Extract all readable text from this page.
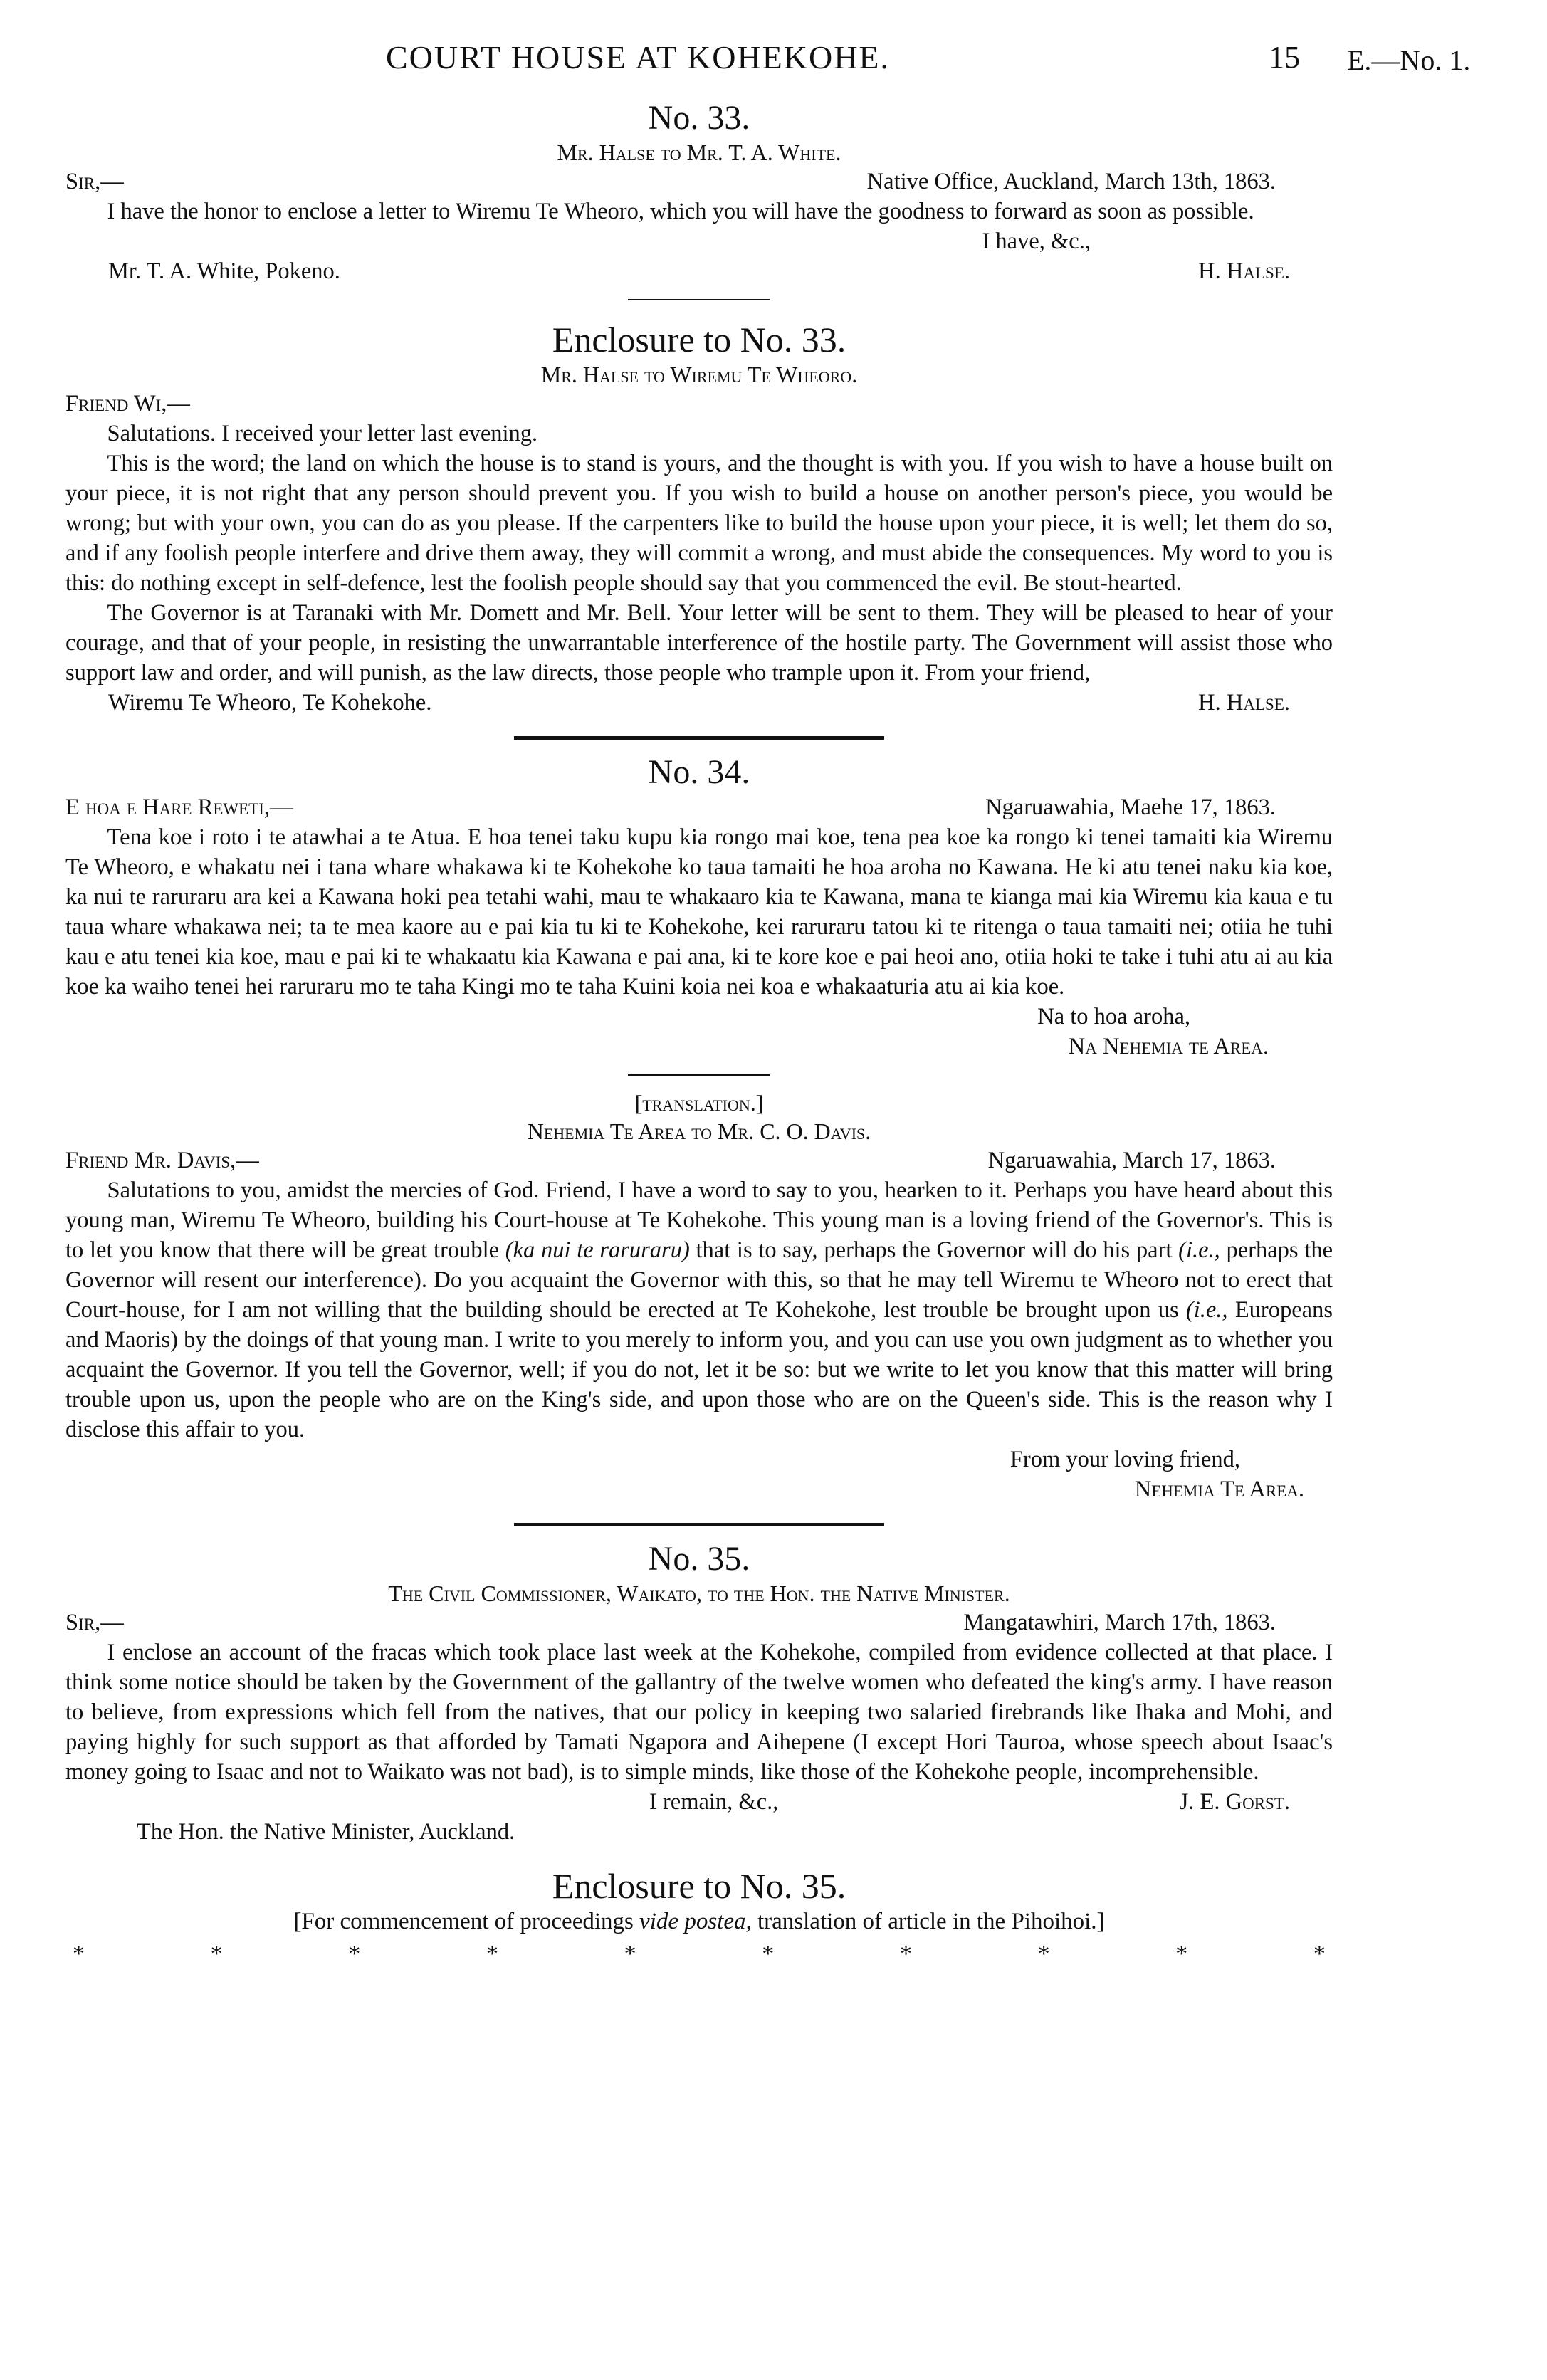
COURT HOUSE AT KOHEKOHE.	15 E.—No. 1.
No. 33.
Mr. Halse to Mr. T. A. White.
Sir,—	Native Office, Auckland, March 13th, 1863.

I have the honor to enclose a letter to Wiremu Te Wheoro, which you will have the goodness to forward as soon as possible.

I have, &c.,
Mr. T. A. White, Pokeno.	H. Halse.
Enclosure to No. 33.
Mr. Halse to Wiremu Te Wheoro.

Friend Wi,—

Salutations. I received your letter last evening.

This is the word; the land on which the house is to stand is yours, and the thought is with you. If you wish to have a house built on your piece, it is not right that any person should prevent you. If you wish to build a house on another person's piece, you would be wrong; but with your own, you can do as you please. If the carpenters like to build the house upon your piece, it is well; let them do so, and if any foolish people interfere and drive them away, they will commit a wrong, and must abide the consequences. My word to you is this: do nothing except in self-defence, lest the foolish people should say that you commenced the evil. Be stout-hearted.

The Governor is at Taranaki with Mr. Domett and Mr. Bell. Your letter will be sent to them. They will be pleased to hear of your courage, and that of your people, in resisting the unwarrantable interference of the hostile party. The Government will assist those who support law and order, and will punish, as the law directs, those people who trample upon it. From your friend,

Wiremu Te Wheoro, Te Kohekohe.	H. Halse.
No. 34.
E hoa e Hare Reweti,—	Ngaruawahia, Maehe 17, 1863.

Tena koe i roto i te atawhai a te Atua. E hoa tenei taku kupu kia rongo mai koe, tena pea koe ka rongo ki tenei tamaiti kia Wiremu Te Wheoro, e whakatu nei i tana whare whakawa ki te Kohekohe ko taua tamaiti he hoa aroha no Kawana. He ki atu tenei naku kia koe, ka nui te raruraru ara kei a Kawana hoki pea tetahi wahi, mau te whakaaro kia te Kawana, mana te kianga mai kia Wiremu kia kaua e tu taua whare whakawa nei; ta te mea kaore au e pai kia tu ki te Kohekohe, kei raruraru tatou ki te ritenga o taua tamaiti nei; otiia he tuhi kau e atu tenei kia koe, mau e pai ki te whakaatu kia Kawana e pai ana, ki te kore koe e pai heoi ano, otiia hoki te take i tuhi atu ai au kia koe ka waiho tenei hei raruraru mo te taha Kingi mo te taha Kuini koia nei koa e whakaaturia atu ai kia koe.

Na to hoa aroha,
Na Nehemia te Area.
[translation.]
Nehemia Te Area to Mr. C. O. Davis.
Friend Mr. Davis,—	Ngaruawahia, March 17, 1863.

Salutations to you, amidst the mercies of God. Friend, I have a word to say to you, hearken to it. Perhaps you have heard about this young man, Wiremu Te Wheoro, building his Court-house at Te Kohekohe. This young man is a loving friend of the Governor's. This is to let you know that there will be great trouble (ka nui te raruraru) that is to say, perhaps the Governor will do his part (i.e., perhaps the Governor will resent our interference). Do you acquaint the Governor with this, so that he may tell Wiremu te Wheoro not to erect that Court-house, for I am not willing that the building should be erected at Te Kohekohe, lest trouble be brought upon us (i.e., Europeans and Maoris) by the doings of that young man. I write to you merely to inform you, and you can use you own judgment as to whether you acquaint the Governor. If you tell the Governor, well; if you do not, let it be so: but we write to let you know that this matter will bring trouble upon us, upon the people who are on the King's side, and upon those who are on the Queen's side. This is the reason why I disclose this affair to you.

From your loving friend,
Nehemia Te Area.
No. 35.
The Civil Commissioner, Waikato, to the Hon. the Native Minister.
Sir,—	Mangatawhiri, March 17th, 1863.

I enclose an account of the fracas which took place last week at the Kohekohe, compiled from evidence collected at that place. I think some notice should be taken by the Government of the gallantry of the twelve women who defeated the king's army. I have reason to believe, from expressions which fell from the natives, that our policy in keeping two salaried firebrands like Ihaka and Mohi, and paying highly for such support as that afforded by Tamati Ngapora and Aihepene (I except Hori Tauroa, whose speech about Isaac's money going to Isaac and not to Waikato was not bad), is to simple minds, like those of the Kohekohe people, incomprehensible.

I remain, &c.,	J. E. Gorst.
The Hon. the Native Minister, Auckland.
Enclosure to No. 35.
[For commencement of proceedings vide postea, translation of article in the Pihoihoi.]
*	*	*	*	*	*	*	*	*	*
